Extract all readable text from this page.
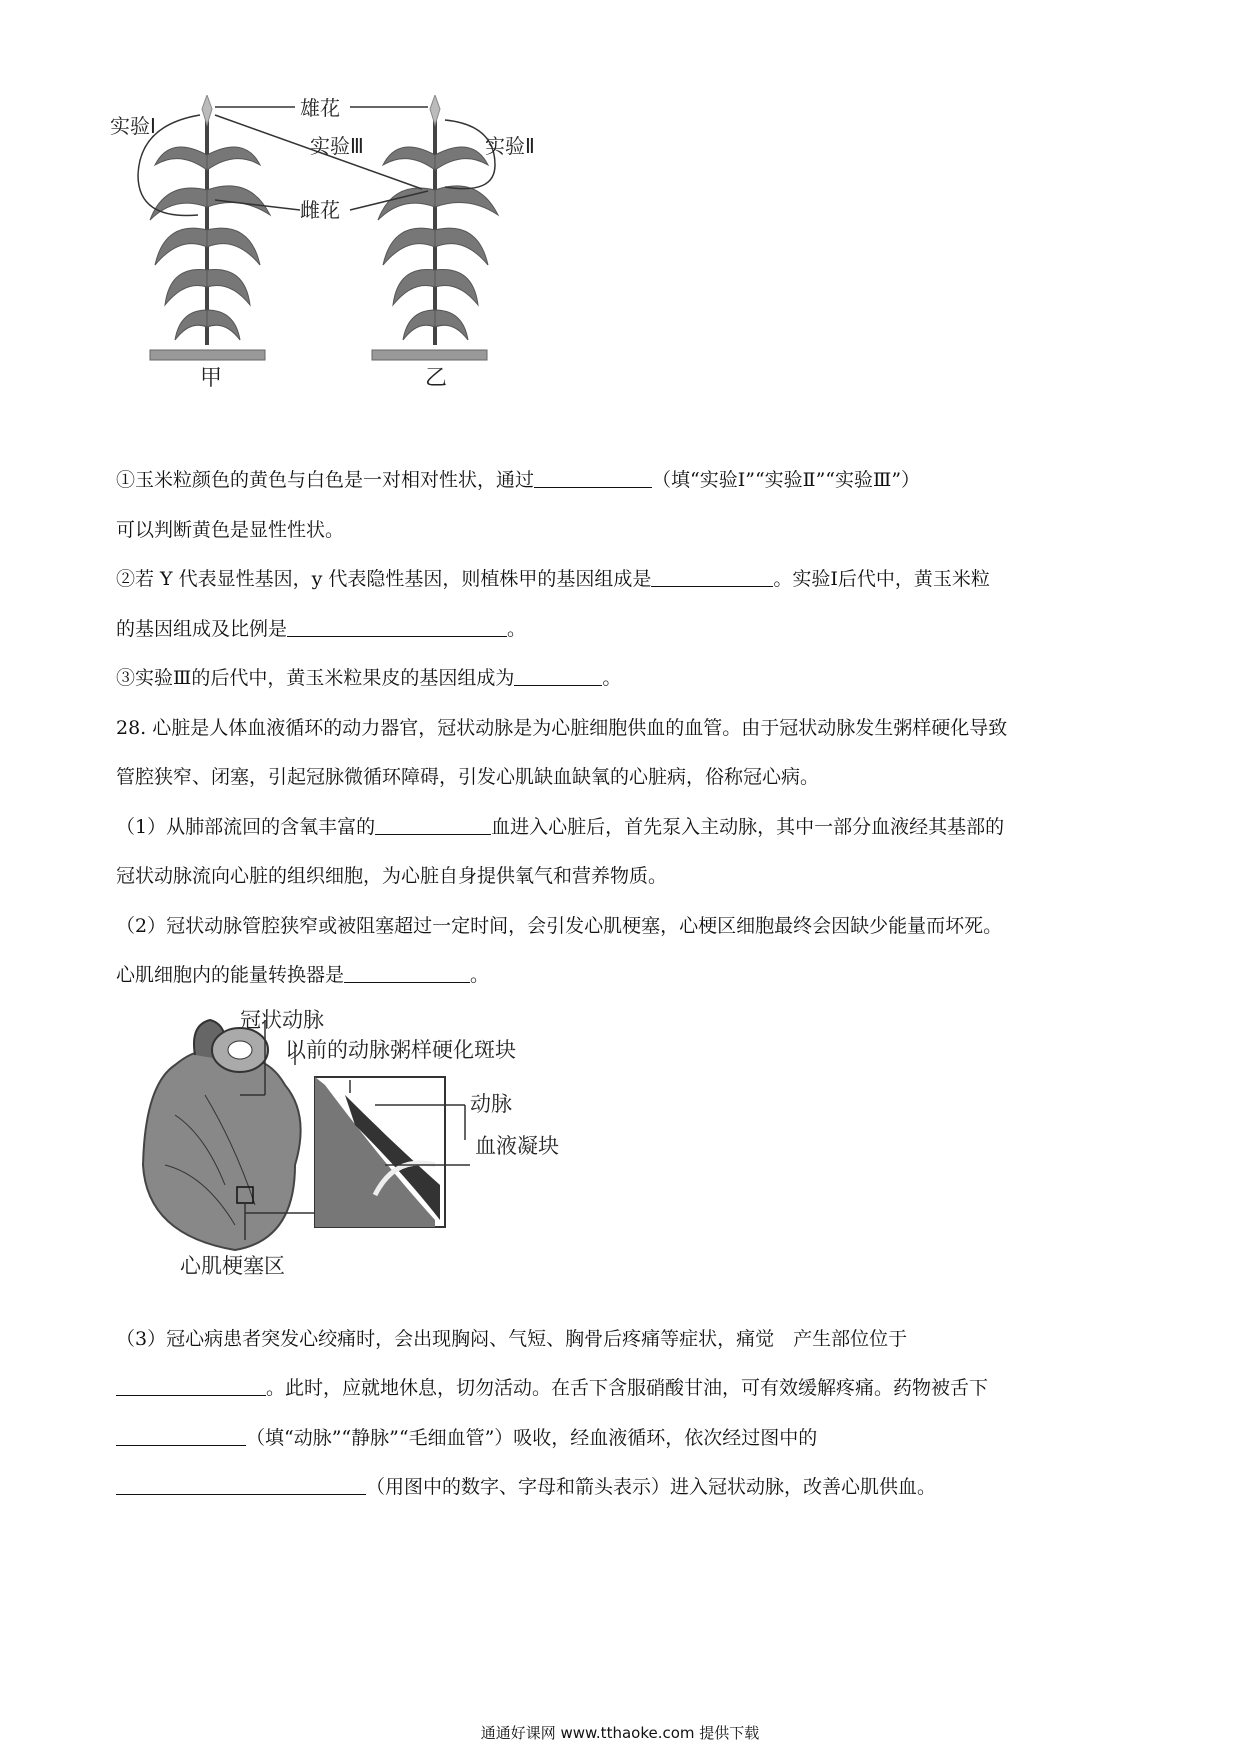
雄花
雌花
实验Ⅰ
实验Ⅲ	实验Ⅱ
甲	乙
①玉米粒颜色的黄色与白色是一对相对性状，通过	（填“实验Ⅰ”“实验Ⅱ”“实验Ⅲ”）
可以判断黄色是显性性状。
②若 Y 代表显性基因，y 代表隐性基因，则植株甲的基因组成是	。实验Ⅰ后代中，黄玉米粒
的基因组成及比例是	。
③实验Ⅲ的后代中，黄玉米粒果皮的基因组成为	。
28. 心脏是人体血液循环的动力器官，冠状动脉是为心脏细胞供血的血管。由于冠状动脉发生粥样硬化导致
管腔狭窄、闭塞，引起冠脉微循环障碍，引发心肌缺血缺氧的心脏病，俗称冠心病。
（1）从肺部流回的含氧丰富的	血进入心脏后，首先泵入主动脉，其中一部分血液经其基部的
冠状动脉流向心脏的组织细胞，为心脏自身提供氧气和营养物质。
（2）冠状动脉管腔狭窄或被阻塞超过一定时间，会引发心肌梗塞，心梗区细胞最终会因缺少能量而坏死。
心肌细胞内的能量转换器是	。
冠状动脉
以前的动脉粥样硬化斑块
动脉
血液凝块
心肌梗塞区
（3）冠心病患者突发心绞痛时，会出现胸闷、气短、胸骨后疼痛等症状，痛觉　产生部位位于
。此时，应就地休息，切勿活动。在舌下含服硝酸甘油，可有效缓解疼痛。药物被舌下
（填“动脉”“静脉”“毛细血管”）吸收，经血液循环，依次经过图中的
（用图中的数字、字母和箭头表示）进入冠状动脉，改善心肌供血。
通通好课网 www.tthaoke.com 提供下载
